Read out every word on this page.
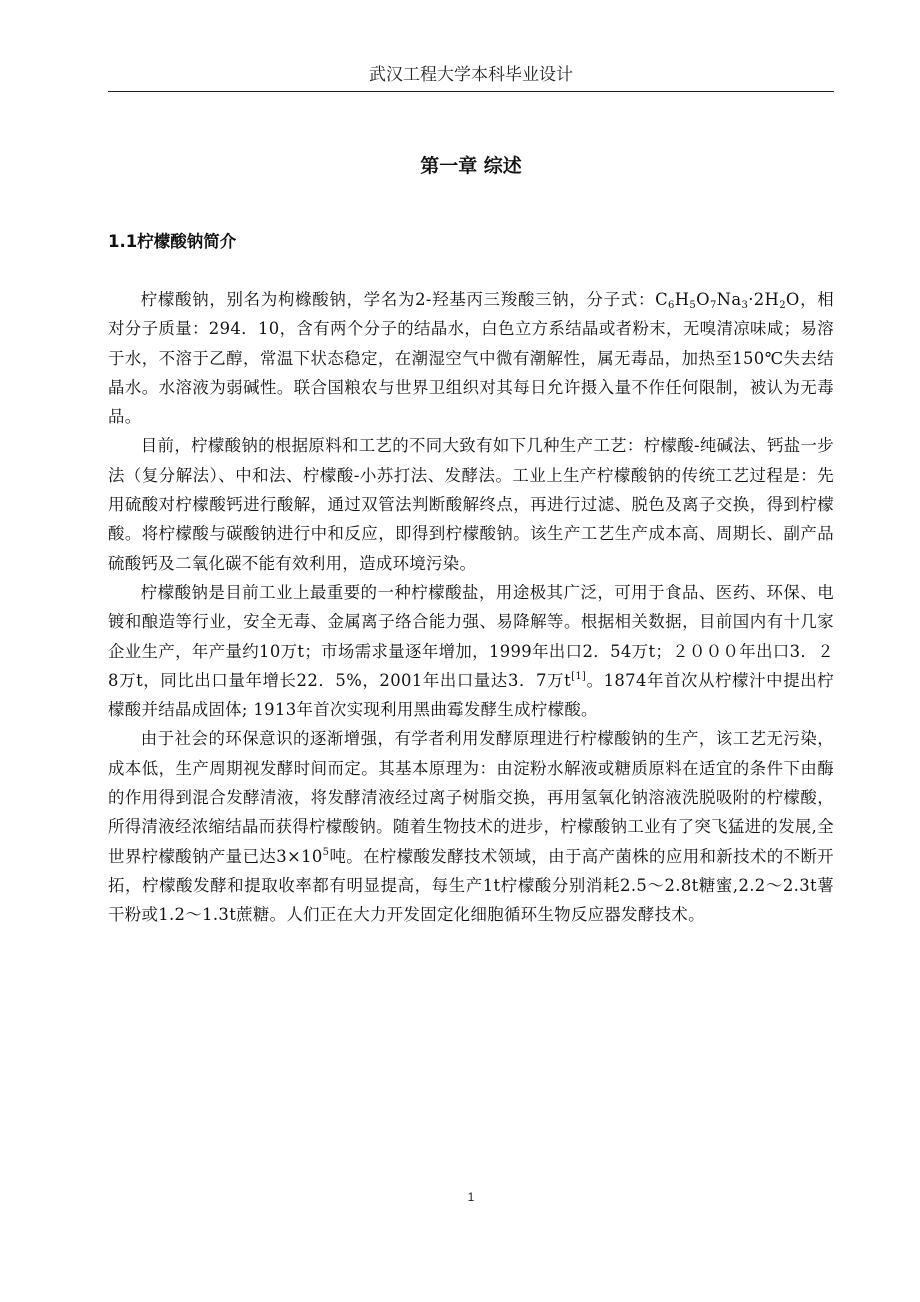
武汉工程大学本科毕业设计
第一章 综述
1.1柠檬酸钠简介

柠檬酸钠，别名为枸橼酸钠，学名为2-羟基丙三羧酸三钠，分子式：$C_6H_5O_7Na_3\cdot 2H_2O$，相对分子质量：294．10，含有两个分子的结晶水，白色立方系结晶或者粉末，无嗅清凉味咸；易溶于水，不溶于乙醇，常温下状态稳定，在潮湿空气中微有潮解性，属无毒品，加热至150℃失去结晶水。水溶液为弱碱性。联合国粮农与世界卫组织对其每日允许摄入量不作任何限制，被认为无毒品。

目前，柠檬酸钠的根据原料和工艺的不同大致有如下几种生产工艺：柠檬酸-纯碱法、钙盐一步法（复分解法）、中和法、柠檬酸-小苏打法、发酵法。工业上生产柠檬酸钠的传统工艺过程是：先用硫酸对柠檬酸钙进行酸解，通过双管法判断酸解终点，再进行过滤、脱色及离子交换，得到柠檬酸。将柠檬酸与碳酸钠进行中和反应，即得到柠檬酸钠。该生产工艺生产成本高、周期长、副产品硫酸钙及二氧化碳不能有效利用，造成环境污染。

柠檬酸钠是目前工业上最重要的一种柠檬酸盐，用途极其广泛，可用于食品、医药、环保、电镀和酿造等行业，安全无毒、金属离子络合能力强、易降解等。根据相关数据，目前国内有十几家企业生产，年产量约10万t；市场需求量逐年增加，1999年出口2．54万t；２０００年出口3．２8万t，同比出口量年增长22．5%，2001年出口量达3．7万t[1]。1874年首次从柠檬汁中提出柠檬酸并结晶成固体; 1913年首次实现利用黑曲霉发酵生成柠檬酸。

由于社会的环保意识的逐渐增强，有学者利用发酵原理进行柠檬酸钠的生产，该工艺无污染，成本低，生产周期视发酵时间而定。其基本原理为：由淀粉水解液或糖质原料在适宜的条件下由酶的作用得到混合发酵清液，将发酵清液经过离子树脂交换，再用氢氧化钠溶液洗脱吸附的柠檬酸，所得清液经浓缩结晶而获得柠檬酸钠。随着生物技术的进步，柠檬酸钠工业有了突飞猛进的发展,全世界柠檬酸钠产量已达$3\times 10^5$吨。在柠檬酸发酵技术领域，由于高产菌株的应用和新技术的不断开拓，柠檬酸发酵和提取收率都有明显提高，每生产1t柠檬酸分别消耗2.5～2.8t糖蜜,2.2～2.3t薯干粉或1.2～1.3t蔗糖。人们正在大力开发固定化细胞循环生物反应器发酵技术。

1
